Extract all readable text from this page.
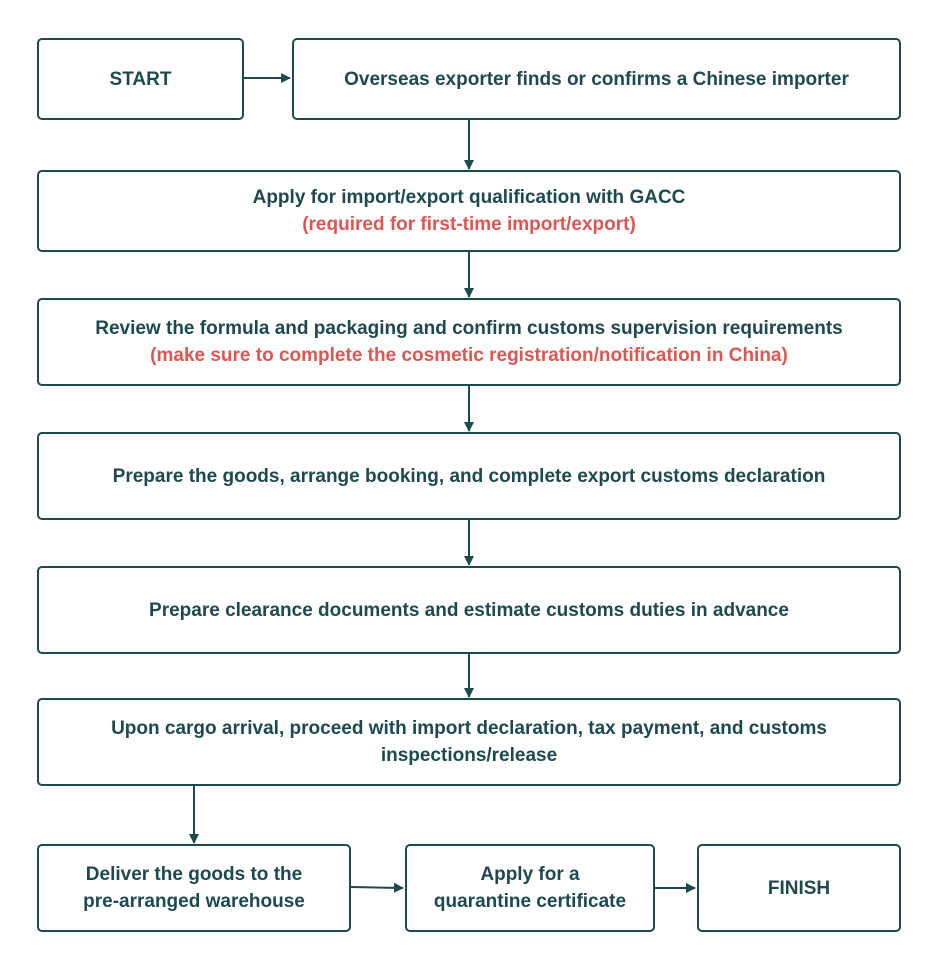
START	Overseas exporter finds or confirms a Chinese importer
Apply for import/export qualification with GACC
(required for first-time import/export)
Review the formula and packaging and confirm customs supervision requirements
(make sure to complete the cosmetic registration/notification in China)
Prepare the goods, arrange booking, and complete export customs declaration
Prepare clearance documents and estimate customs duties in advance
Upon cargo arrival, proceed with import declaration, tax payment, and customs
inspections/release
Deliver the goods to the
pre-arranged warehouse
Apply for a
quarantine certificate
FINISH
